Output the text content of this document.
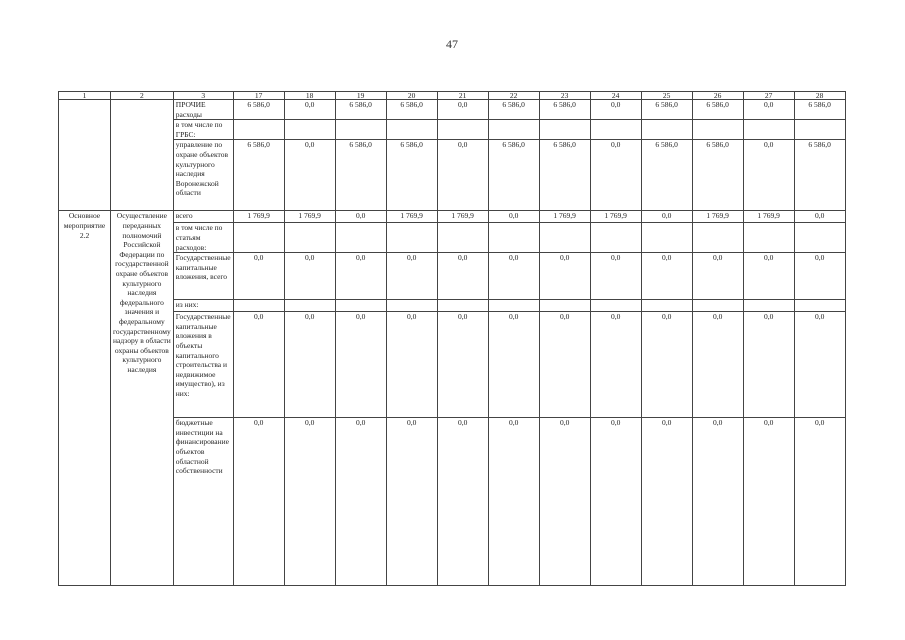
47
1	2	3	17	18	19	20	21	22	23	24	25	26	27	28
		ПРОЧИЕ расходы	6 586,0	0,0	6 586,0	6 586,0	0,0	6 586,0	6 586,0	0,0	6 586,0	6 586,0	0,0	6 586,0
		в том числе по ГРБС:												
		управление по охране объектов культурного наследия Воронежской области	6 586,0	0,0	6 586,0	6 586,0	0,0	6 586,0	6 586,0	0,0	6 586,0	6 586,0	0,0	6 586,0
Основное мероприятие 2.2	Осуществление переданных полномочий Российской Федерации по государственной охране объектов культурного наследия федерального значения и федеральному государственному надзору в области охраны объектов культурного наследия	всего	1 769,9	1 769,9	0,0	1 769,9	1 769,9	0,0	1 769,9	1 769,9	0,0	1 769,9	1 769,9	0,0
		в том числе по статьям расходов:												
		Государственные капитальные вложения, всего	0,0	0,0	0,0	0,0	0,0	0,0	0,0	0,0	0,0	0,0	0,0	0,0
		из них:												
		Государственные капитальные вложения в объекты капитального строительства и недвижимое имущество), из них:	0,0	0,0	0,0	0,0	0,0	0,0	0,0	0,0	0,0	0,0	0,0	0,0
		бюджетные инвестиции на финансирование объектов областной собственности	0,0	0,0	0,0	0,0	0,0	0,0	0,0	0,0	0,0	0,0	0,0	0,0
